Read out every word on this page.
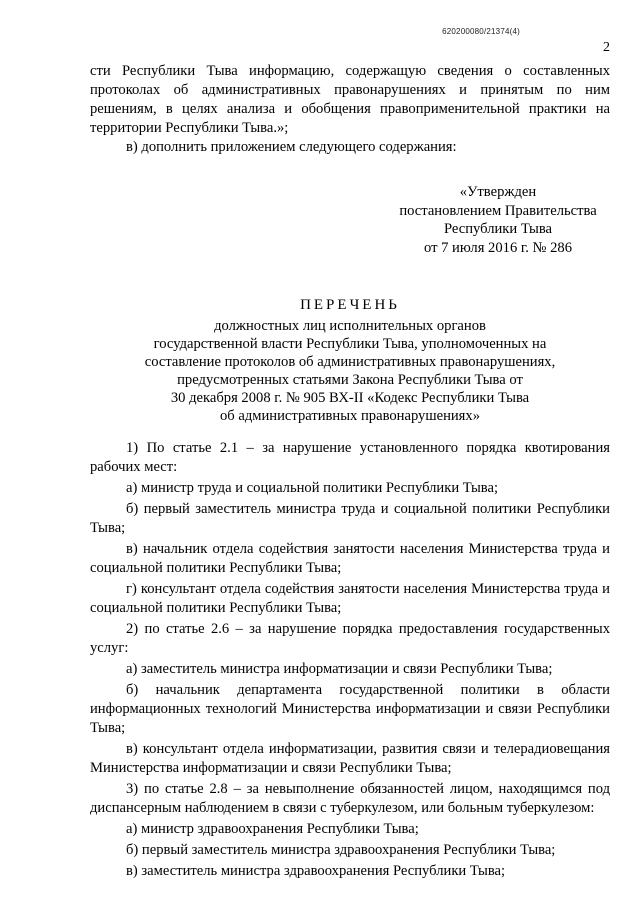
620200080/21374(4)
2

сти Республики Тыва информацию, содержащую сведения о составленных протоколах об административных правонарушениях и принятым по ним решениям, в целях анализа и обобщения правоприменительной практики на территории Республики Тыва.»;

в) дополнить приложением следующего содержания:

«Утвержден
постановлением Правительства
Республики Тыва
от 7 июля 2016 г. № 286
ПЕРЕЧЕНЬ
должностных лиц исполнительных органов
государственной власти Республики Тыва, уполномоченных на
составление протоколов об административных правонарушениях,
предусмотренных статьями Закона Республики Тыва от
30 декабря 2008 г. № 905 ВХ-II «Кодекс Республики Тыва
об административных правонарушениях»

1) По статье 2.1 – за нарушение установленного порядка квотирования рабочих мест:

а) министр труда и социальной политики Республики Тыва;

б) первый заместитель министра труда и социальной политики Республики Тыва;

в) начальник отдела содействия занятости населения Министерства труда и социальной политики Республики Тыва;

г) консультант отдела содействия занятости населения Министерства труда и социальной политики Республики Тыва;

2) по статье 2.6 – за нарушение порядка предоставления государственных услуг:

а) заместитель министра информатизации и связи Республики Тыва;

б) начальник департамента государственной политики в области информационных технологий Министерства информатизации и связи Республики Тыва;

в) консультант отдела информатизации, развития связи и телерадиовещания Министерства информатизации и связи Республики Тыва;

3) по статье 2.8 – за невыполнение обязанностей лицом, находящимся под диспансерным наблюдением в связи с туберкулезом, или больным туберкулезом:

а) министр здравоохранения Республики Тыва;

б) первый заместитель министра здравоохранения Республики Тыва;

в) заместитель министра здравоохранения Республики Тыва;
